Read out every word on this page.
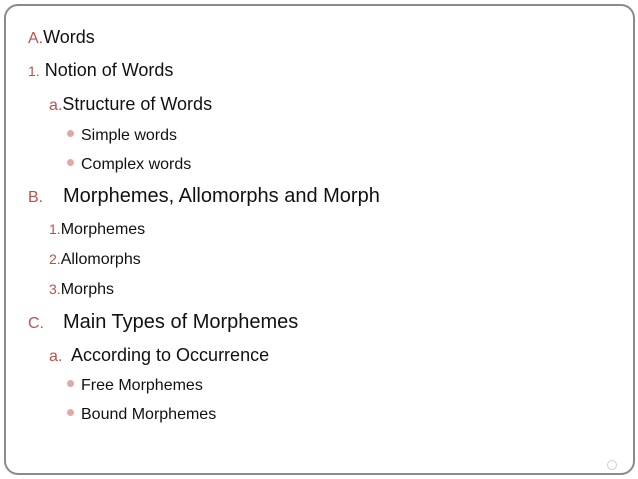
A.Words
1. Notion of Words
a.Structure of Words
Simple words
Complex words
B. Morphemes, Allomorphs and Morph
1.Morphemes
2.Allomorphs
3.Morphs
C. Main Types of Morphemes
a. According to Occurrence
Free Morphemes
Bound Morphemes
